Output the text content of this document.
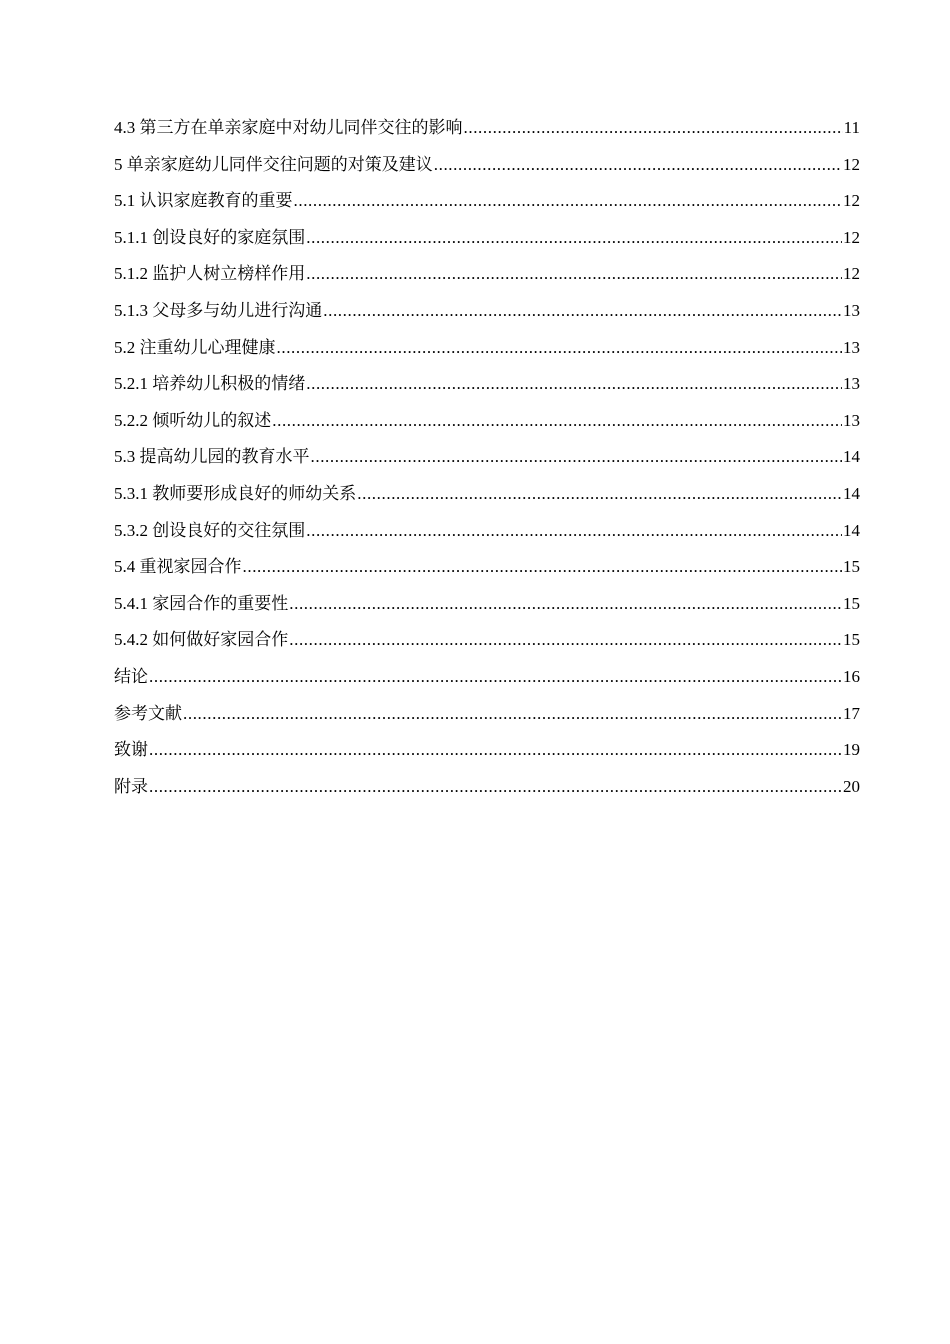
4.3 第三方在单亲家庭中对幼儿同伴交往的影响 .....	11
5 单亲家庭幼儿同伴交往问题的对策及建议 .....	12
5.1 认识家庭教育的重要 .....	12
5.1.1 创设良好的家庭氛围 .....	12
5.1.2 监护人树立榜样作用 .....	12
5.1.3 父母多与幼儿进行沟通 .....	13
5.2 注重幼儿心理健康 .....	13
5.2.1 培养幼儿积极的情绪 .....	13
5.2.2 倾听幼儿的叙述 .....	13
5.3 提高幼儿园的教育水平 .....	14
5.3.1 教师要形成良好的师幼关系 .....	14
5.3.2 创设良好的交往氛围 .....	14
5.4 重视家园合作 .....	15
5.4.1 家园合作的重要性 .....	15
5.4.2 如何做好家园合作 .....	15
结论 .....	16
参考文献 .....	17
致谢 .....	19
附录 .....	20
